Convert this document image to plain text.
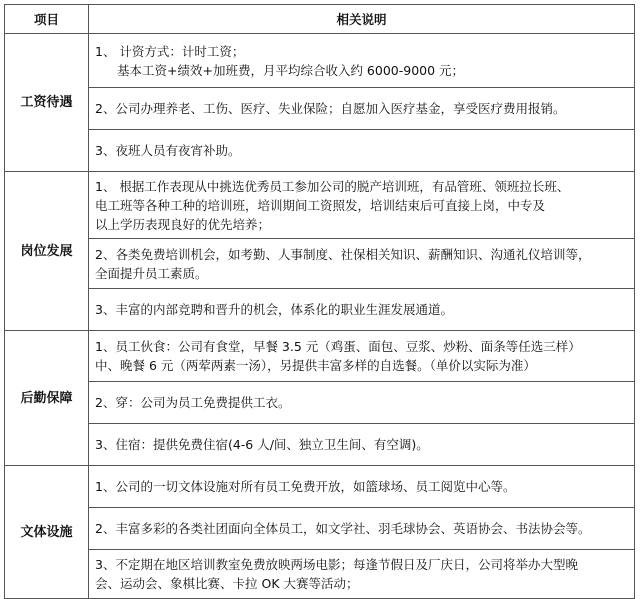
项目	相关说明
工资待遇	1、 计资方式：计时工资；
基本工资+绩效+加班费，月平均综合收入约 6000-9000 元；

	2、公司办理养老、工伤、医疗、失业保险；自愿加入医疗基金，享受医疗费用报销。

	3、夜班人员有夜宵补助。

岗位发展	1、 根据工作表现从中挑选优秀员工参加公司的脱产培训班，有品管班、领班拉长班、
电工班等各种工种的培训班，培训期间工资照发，培训结束后可直接上岗，中专及
以上学历表现良好的优先培养；

	2、各类免费培训机会，如考勤、人事制度、社保相关知识、薪酬知识、沟通礼仪培训等，
全面提升员工素质。

	3、丰富的内部竞聘和晋升的机会，体系化的职业生涯发展通道。

后勤保障	1、员工伙食：公司有食堂，早餐 3.5 元（鸡蛋、面包、豆浆、炒粉、面条等任选三样）
中、晚餐 6 元（两荤两素一汤），另提供丰富多样的自选餐。（单价以实际为准）

	2、穿：公司为员工免费提供工衣。

	3、住宿：提供免费住宿(4-6 人/间、独立卫生间、有空调)。

文体设施	1、公司的一切文体设施对所有员工免费开放，如篮球场、员工阅览中心等。

	2、丰富多彩的各类社团面向全体员工，如文学社、羽毛球协会、英语协会、书法协会等。

	3、不定期在地区培训教室免费放映两场电影；每逢节假日及厂庆日，公司将举办大型晚
会、运动会、象棋比赛、卡拉 OK 大赛等活动；
